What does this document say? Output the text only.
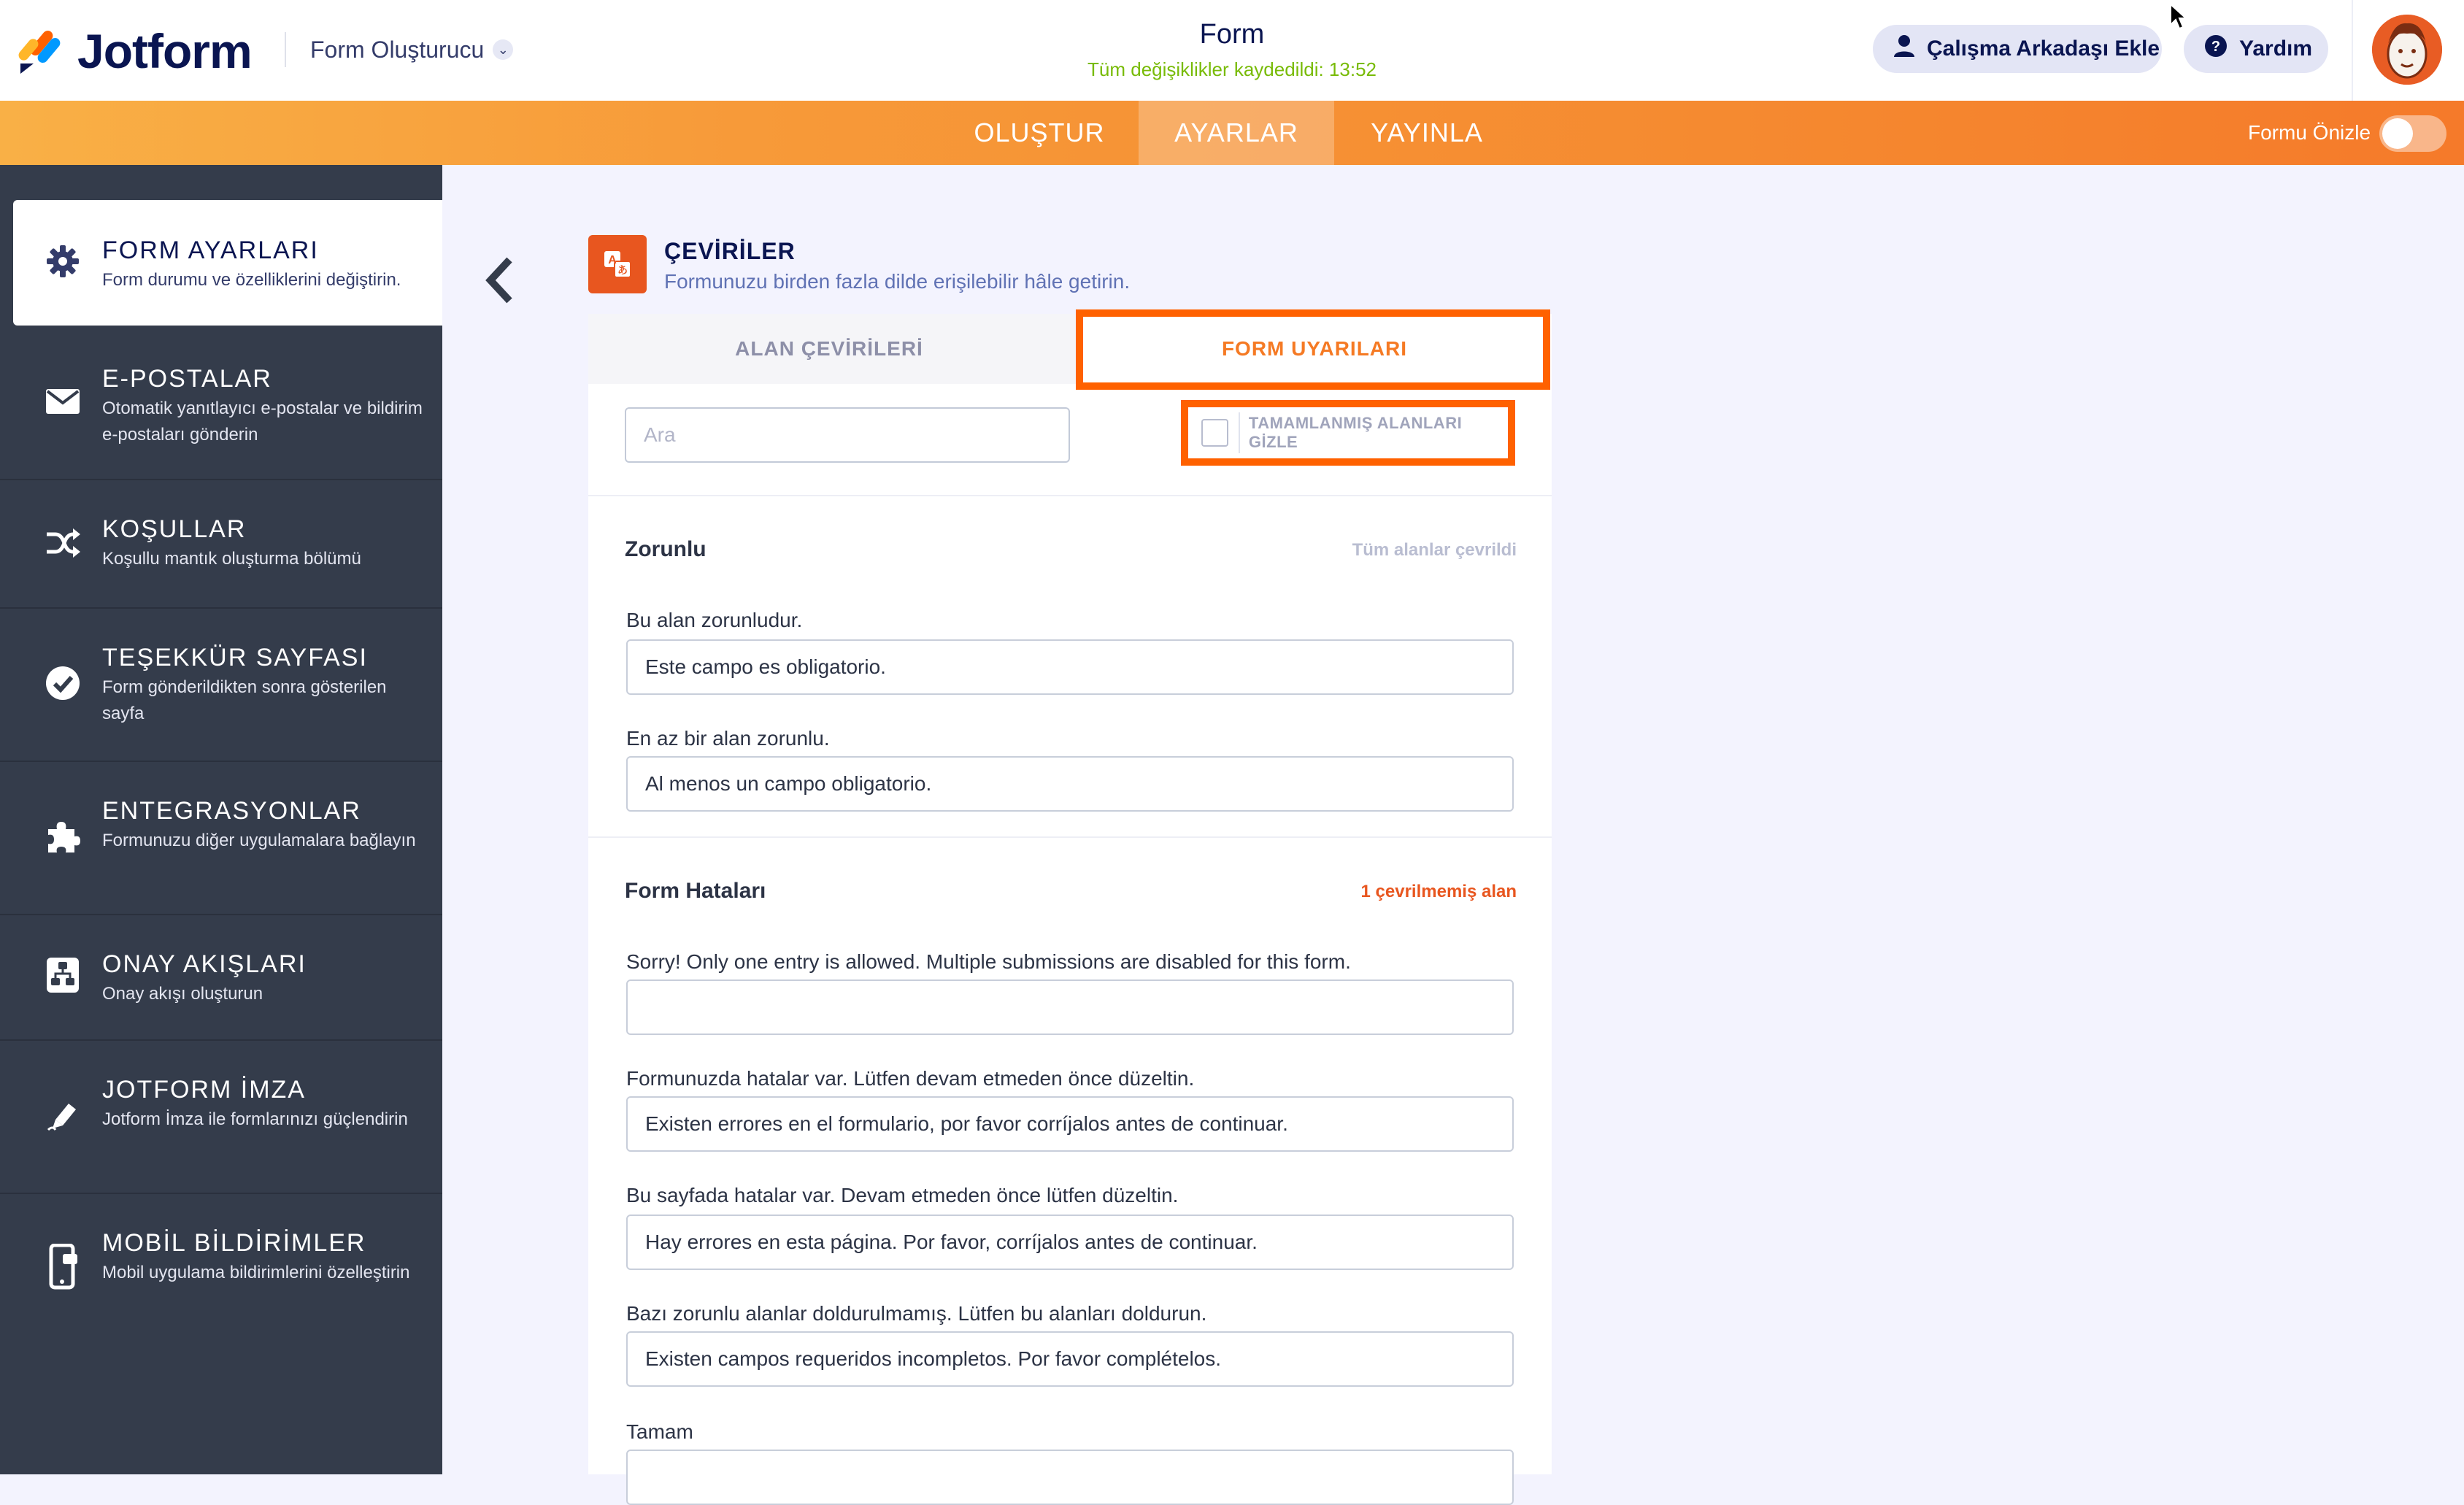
Jotform	Form Oluşturucu	⌄	Form
Tüm değişiklikler kaydedildi: 13:52
Çalışma Arkadaşı Ekle	? Yardım
OLUŞTUR	AYARLAR	YAYINLA	Formu Önizle
FORM AYARLARI
Form durumu ve özelliklerini değiştirin.
E-POSTALAR
Otomatik yanıtlayıcı e-postalar ve bildirim e-postaları gönderin
KOŞULLAR
Koşullu mantık oluşturma bölümü
TEŞEKKÜR SAYFASI
Form gönderildikten sonra gösterilen sayfa
ENTEGRASYONLAR
Formunuzu diğer uygulamalara bağlayın
ONAY AKIŞLARI
Onay akışı oluşturun
JOTFORM İMZA
Jotform İmza ile formlarınızı güçlendirin
MOBİL BİLDİRİMLER
Mobil uygulama bildirimlerini özelleştirin
A
あ
ÇEVİRİLER
Formunuzu birden fazla dilde erişilebilir hâle getirin.
ALAN ÇEVİRİLERİ	FORM UYARILARI
Ara
TAMAMLANMIŞ ALANLARI GİZLE
Zorunlu	Tüm alanlar çevrildi
Bu alan zorunludur.
Este campo es obligatorio.
En az bir alan zorunlu.
Al menos un campo obligatorio.
Form Hataları	1 çevrilmemiş alan
Sorry! Only one entry is allowed. Multiple submissions are disabled for this form.
Formunuzda hatalar var. Lütfen devam etmeden önce düzeltin.
Existen errores en el formulario, por favor corríjalos antes de continuar.
Bu sayfada hatalar var. Devam etmeden önce lütfen düzeltin.
Hay errores en esta página. Por favor, corríjalos antes de continuar.
Bazı zorunlu alanlar doldurulmamış. Lütfen bu alanları doldurun.
Existen campos requeridos incompletos. Por favor complételos.
Tamam
